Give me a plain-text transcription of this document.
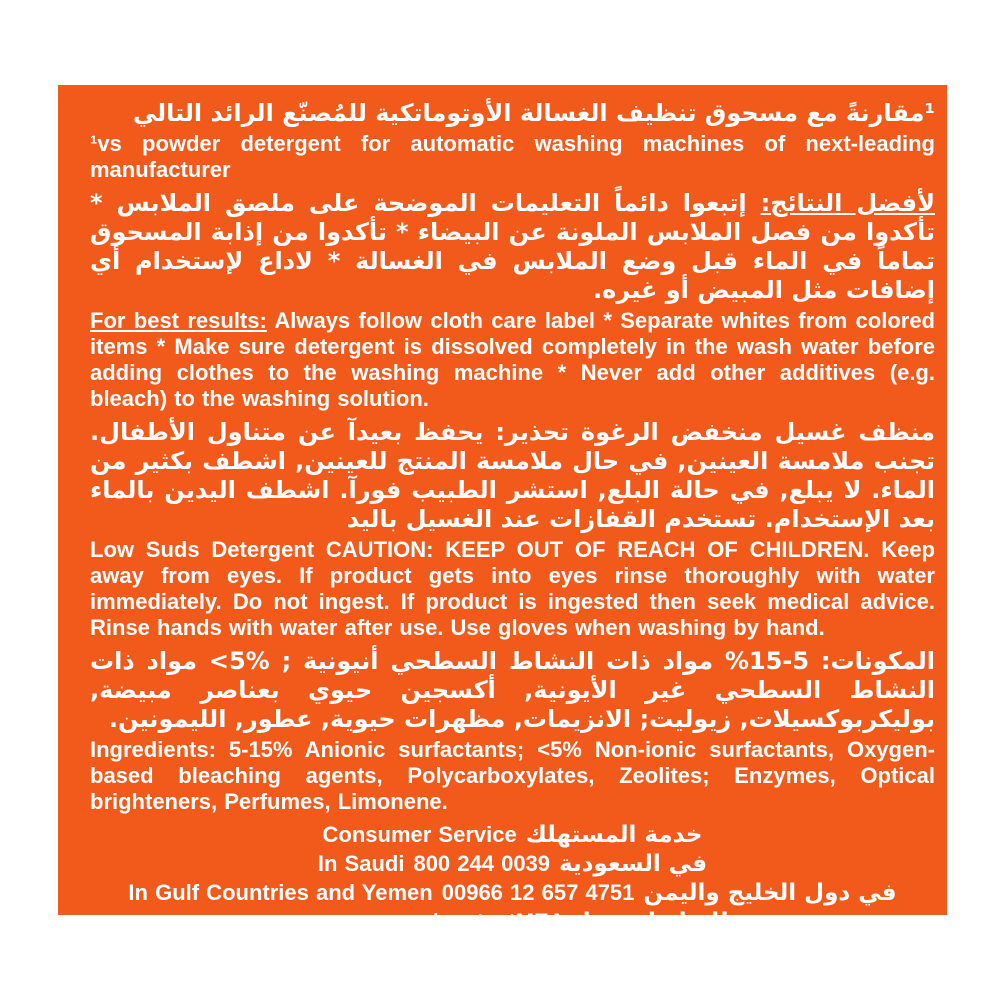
¹مقارنةً مع مسحوق تنظيف الغسالة الأوتوماتكية للمُصنّع الرائد التالي

¹vs powder detergent for automatic washing machines of next-leading manufacturer

لأفضل النتائج: إتبعوا دائماً التعليمات الموضحة على ملصق الملابس * تأكدوا من فصل الملابس الملونة عن البيضاء * تأكدوا من إذابة المسحوق تماماً في الماء قبل وضع الملابس في الغسالة * لاداع لإستخدام أي إضافات مثل المبيض أو غيره.

For best results: Always follow cloth care label * Separate whites from colored items * Make sure detergent is dissolved completely in the wash water before adding clothes to the washing machine * Never add other additives (e.g. bleach) to the washing solution.

منظف غسيل منخفض الرغوة تحذير: يحفظ بعيدآ عن متناول الأطفال. تجنب ملامسة العينين, في حال ملامسة المنتج للعينين, اشطف بكثير من الماء. لا يبلع, في حالة البلع, استشر الطبيب فورآ. اشطف اليدين بالماء بعد الإستخدام. تستخدم القفازات عند الغسيل باليد

Low Suds Detergent CAUTION: KEEP OUT OF REACH OF CHILDREN. Keep away from eyes. If product gets into eyes rinse thoroughly with water immediately. Do not ingest. If product is ingested then seek medical advice. Rinse hands with water after use. Use gloves when washing by hand.

المكونات: 5-15% مواد ذات النشاط السطحي أنيونية ; ‎<5%‎ مواد ذات النشاط السطحي غير الأيونية, أكسجين حيوي بعناصر مبيضة, بوليكربوكسيلات, زيوليت; الانزيمات, مظهرات حيوية, عطور, الليمونين.

Ingredients: 5-15% Anionic surfactants; <5% Non-ionic surfactants, Oxygen-based bleaching agents, Polycarboxylates, Zeolites; Enzymes, Optical brighteners, Perfumes, Limonene.

Consumer Service خدمة المستهلك
In Saudi 800 244 0039 في السعودية
In Gulf Countries and Yemen 00966 12 657 4751 في دول الخليج واليمن
www.pg.com/contactMEA للتواصل معنا:
Contact us on: www.pg.com
